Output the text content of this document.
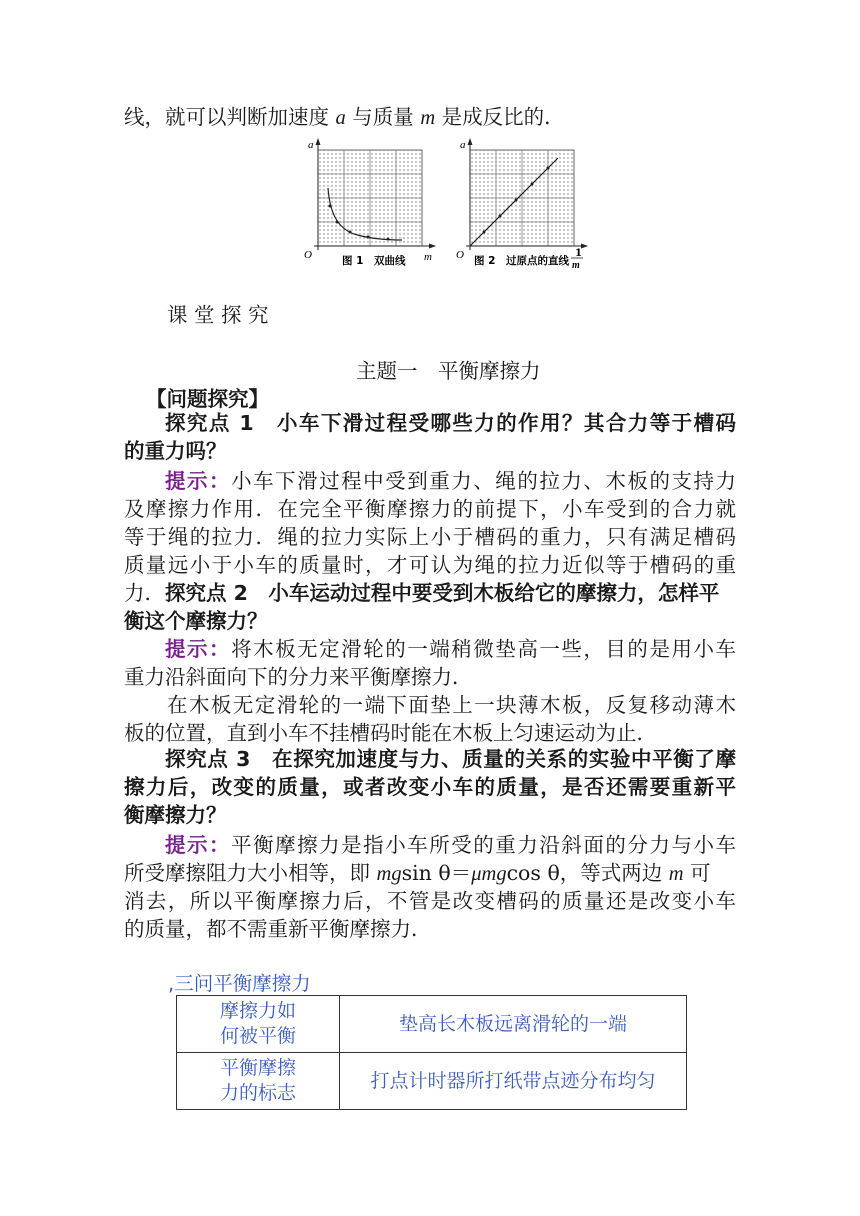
线，就可以判断加速度 a 与质量 m 是成反比的．
a
O	m
图 1　双曲线
a
O 图 2　过原点的直线
1
m
课 堂 探 究
主题一　平衡摩擦力
【问题探究】
探究点 1　小车下滑过程受哪些力的作用？其合力等于槽码
的重力吗？
提示：小车下滑过程中受到重力、绳的拉力、木板的支持力
及摩擦力作用．在完全平衡摩擦力的前提下，小车受到的合力就
等于绳的拉力．绳的拉力实际上小于槽码的重力，只有满足槽码
质量远小于小车的质量时，才可认为绳的拉力近似等于槽码的重
力．探究点 2　小车运动过程中要受到木板给它的摩擦力，怎样平
衡这个摩擦力？
提示：将木板无定滑轮的一端稍微垫高一些，目的是用小车
重力沿斜面向下的分力来平衡摩擦力．
在木板无定滑轮的一端下面垫上一块薄木板，反复移动薄木
板的位置，直到小车不挂槽码时能在木板上匀速运动为止．
探究点 3　在探究加速度与力、质量的关系的实验中平衡了摩
擦力后，改变的质量，或者改变小车的质量，是否还需要重新平
衡摩擦力？
提示：平衡摩擦力是指小车所受的重力沿斜面的分力与小车
所受摩擦阻力大小相等，即 mgsin θ＝μmgcos θ，等式两边 m 可
消去，所以平衡摩擦力后，不管是改变槽码的质量还是改变小车
的质量，都不需重新平衡摩擦力．
,三问平衡摩擦力
摩擦力如
何被平衡	垫高长木板远离滑轮的一端

平衡摩擦
力的标志	打点计时器所打纸带点迹分布均匀
